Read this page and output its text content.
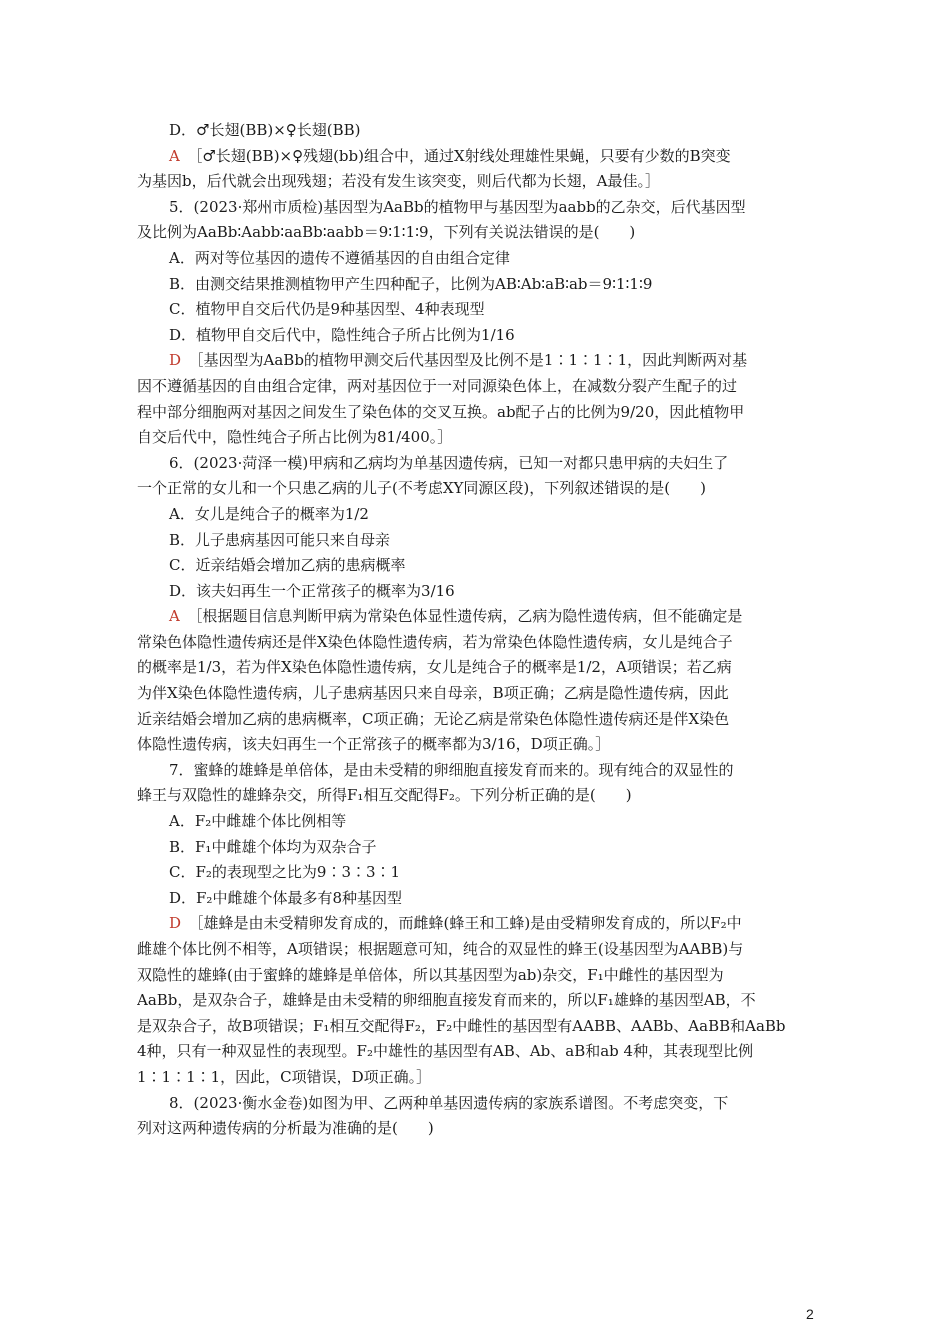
D．♂长翅(BB)×♀长翅(BB)
A  ［♂长翅(BB)×♀残翅(bb)组合中，通过X射线处理雄性果蝇，只要有少数的B突变
为基因b，后代就会出现残翅；若没有发生该突变，则后代都为长翅，A最佳。］
5．(2023·郑州市质检)基因型为AaBb的植物甲与基因型为aabb的乙杂交，后代基因型
及比例为AaBb∶Aabb∶aaBb∶aabb＝9∶1∶1∶9，下列有关说法错误的是(　　)
A．两对等位基因的遗传不遵循基因的自由组合定律
B．由测交结果推测植物甲产生四种配子，比例为AB∶Ab∶aB∶ab＝9∶1∶1∶9
C．植物甲自交后代仍是9种基因型、4种表现型
D．植物甲自交后代中，隐性纯合子所占比例为1/16
D  ［基因型为AaBb的植物甲测交后代基因型及比例不是1∶1∶1∶1，因此判断两对基
因不遵循基因的自由组合定律，两对基因位于一对同源染色体上，在减数分裂产生配子的过
程中部分细胞两对基因之间发生了染色体的交叉互换。ab配子占的比例为9/20，因此植物甲
自交后代中，隐性纯合子所占比例为81/400。］
6．(2023·菏泽一模)甲病和乙病均为单基因遗传病，已知一对都只患甲病的夫妇生了
一个正常的女儿和一个只患乙病的儿子(不考虑XY同源区段)，下列叙述错误的是(　　)
A．女儿是纯合子的概率为1/2
B．儿子患病基因可能只来自母亲
C．近亲结婚会增加乙病的患病概率
D．该夫妇再生一个正常孩子的概率为3/16
A  ［根据题目信息判断甲病为常染色体显性遗传病，乙病为隐性遗传病，但不能确定是
常染色体隐性遗传病还是伴X染色体隐性遗传病，若为常染色体隐性遗传病，女儿是纯合子
的概率是1/3，若为伴X染色体隐性遗传病，女儿是纯合子的概率是1/2，A项错误；若乙病
为伴X染色体隐性遗传病，儿子患病基因只来自母亲，B项正确；乙病是隐性遗传病，因此
近亲结婚会增加乙病的患病概率，C项正确；无论乙病是常染色体隐性遗传病还是伴X染色
体隐性遗传病，该夫妇再生一个正常孩子的概率都为3/16，D项正确。］
7．蜜蜂的雄蜂是单倍体，是由未受精的卵细胞直接发育而来的。现有纯合的双显性的
蜂王与双隐性的雄蜂杂交，所得F₁相互交配得F₂。下列分析正确的是(　　)
A．F₂中雌雄个体比例相等
B．F₁中雌雄个体均为双杂合子
C．F₂的表现型之比为9∶3∶3∶1
D．F₂中雌雄个体最多有8种基因型
D  ［雄蜂是由未受精卵发育成的，而雌蜂(蜂王和工蜂)是由受精卵发育成的，所以F₂中
雌雄个体比例不相等，A项错误；根据题意可知，纯合的双显性的蜂王(设基因型为AABB)与
双隐性的雄蜂(由于蜜蜂的雄蜂是单倍体，所以其基因型为ab)杂交，F₁中雌性的基因型为
AaBb，是双杂合子，雄蜂是由未受精的卵细胞直接发育而来的，所以F₁雄蜂的基因型AB，不
是双杂合子，故B项错误；F₁相互交配得F₂，F₂中雌性的基因型有AABB、AABb、AaBB和AaBb
4种，只有一种双显性的表现型。F₂中雄性的基因型有AB、Ab、aB和ab 4种，其表现型比例
1∶1∶1∶1，因此，C项错误，D项正确。］
8．(2023·衡水金卷)如图为甲、乙两种单基因遗传病的家族系谱图。不考虑突变，下
列对这两种遗传病的分析最为准确的是(　　)
2
